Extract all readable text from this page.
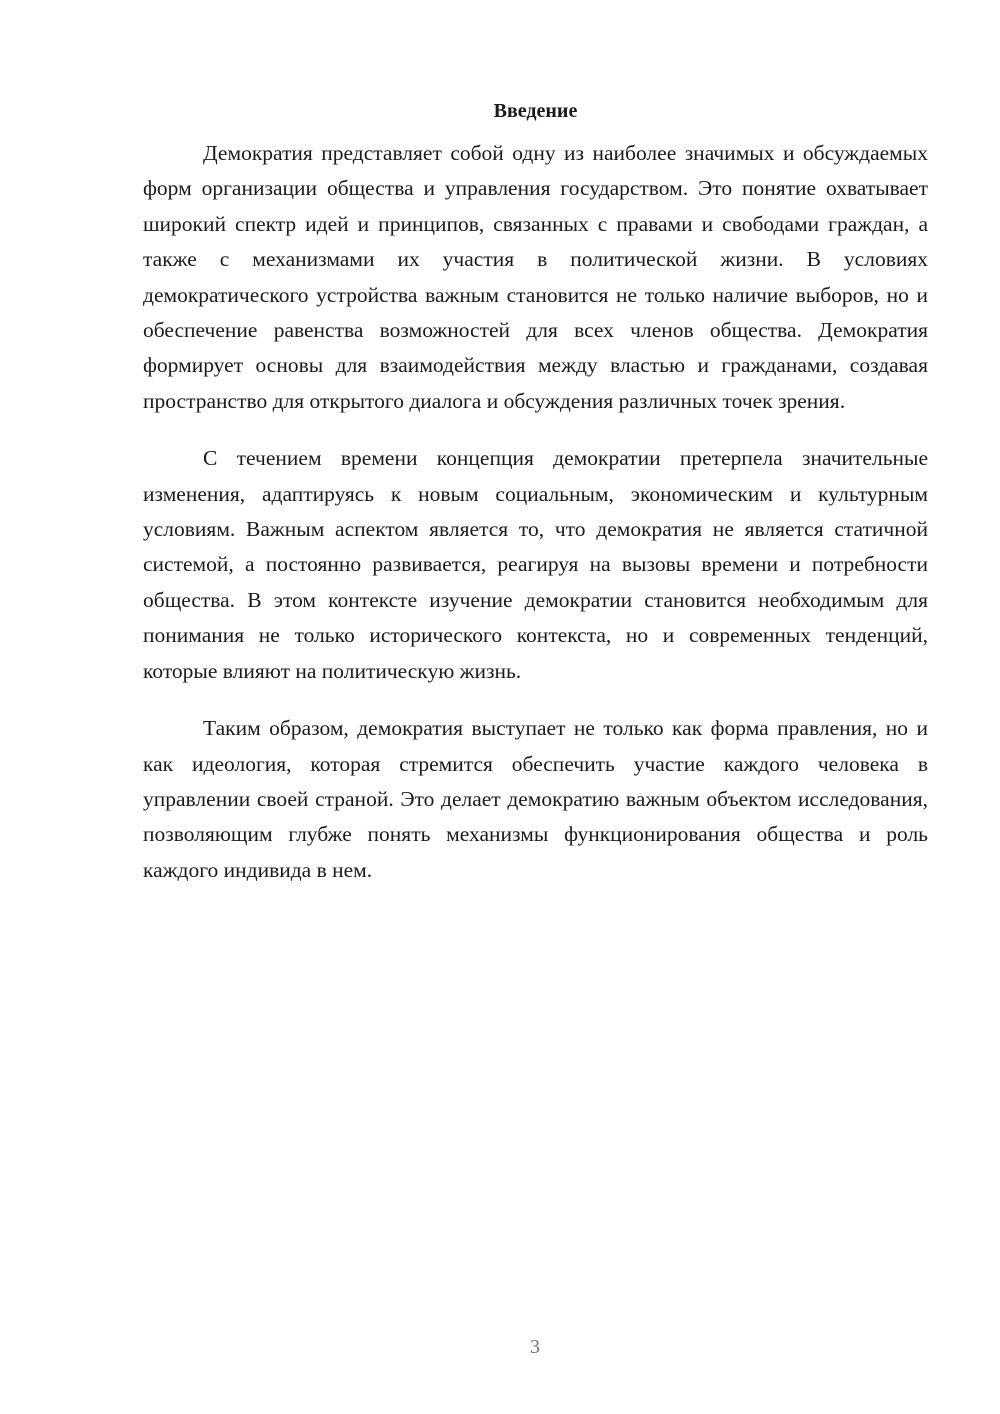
Введение

Демократия представляет собой одну из наиболее значимых и обсуждаемых форм организации общества и управления государством. Это понятие охватывает широкий спектр идей и принципов, связанных с правами и свободами граждан, а также с механизмами их участия в политической жизни. В условиях демократического устройства важным становится не только наличие выборов, но и обеспечение равенства возможностей для всех членов общества. Демократия формирует основы для взаимодействия между властью и гражданами, создавая пространство для открытого диалога и обсуждения различных точек зрения.

С течением времени концепция демократии претерпела значительные изменения, адаптируясь к новым социальным, экономическим и культурным условиям. Важным аспектом является то, что демократия не является статичной системой, а постоянно развивается, реагируя на вызовы времени и потребности общества. В этом контексте изучение демократии становится необходимым для понимания не только исторического контекста, но и современных тенденций, которые влияют на политическую жизнь.

Таким образом, демократия выступает не только как форма правления, но и как идеология, которая стремится обеспечить участие каждого человека в управлении своей страной. Это делает демократию важным объектом исследования, позволяющим глубже понять механизмы функционирования общества и роль каждого индивида в нем.

3
